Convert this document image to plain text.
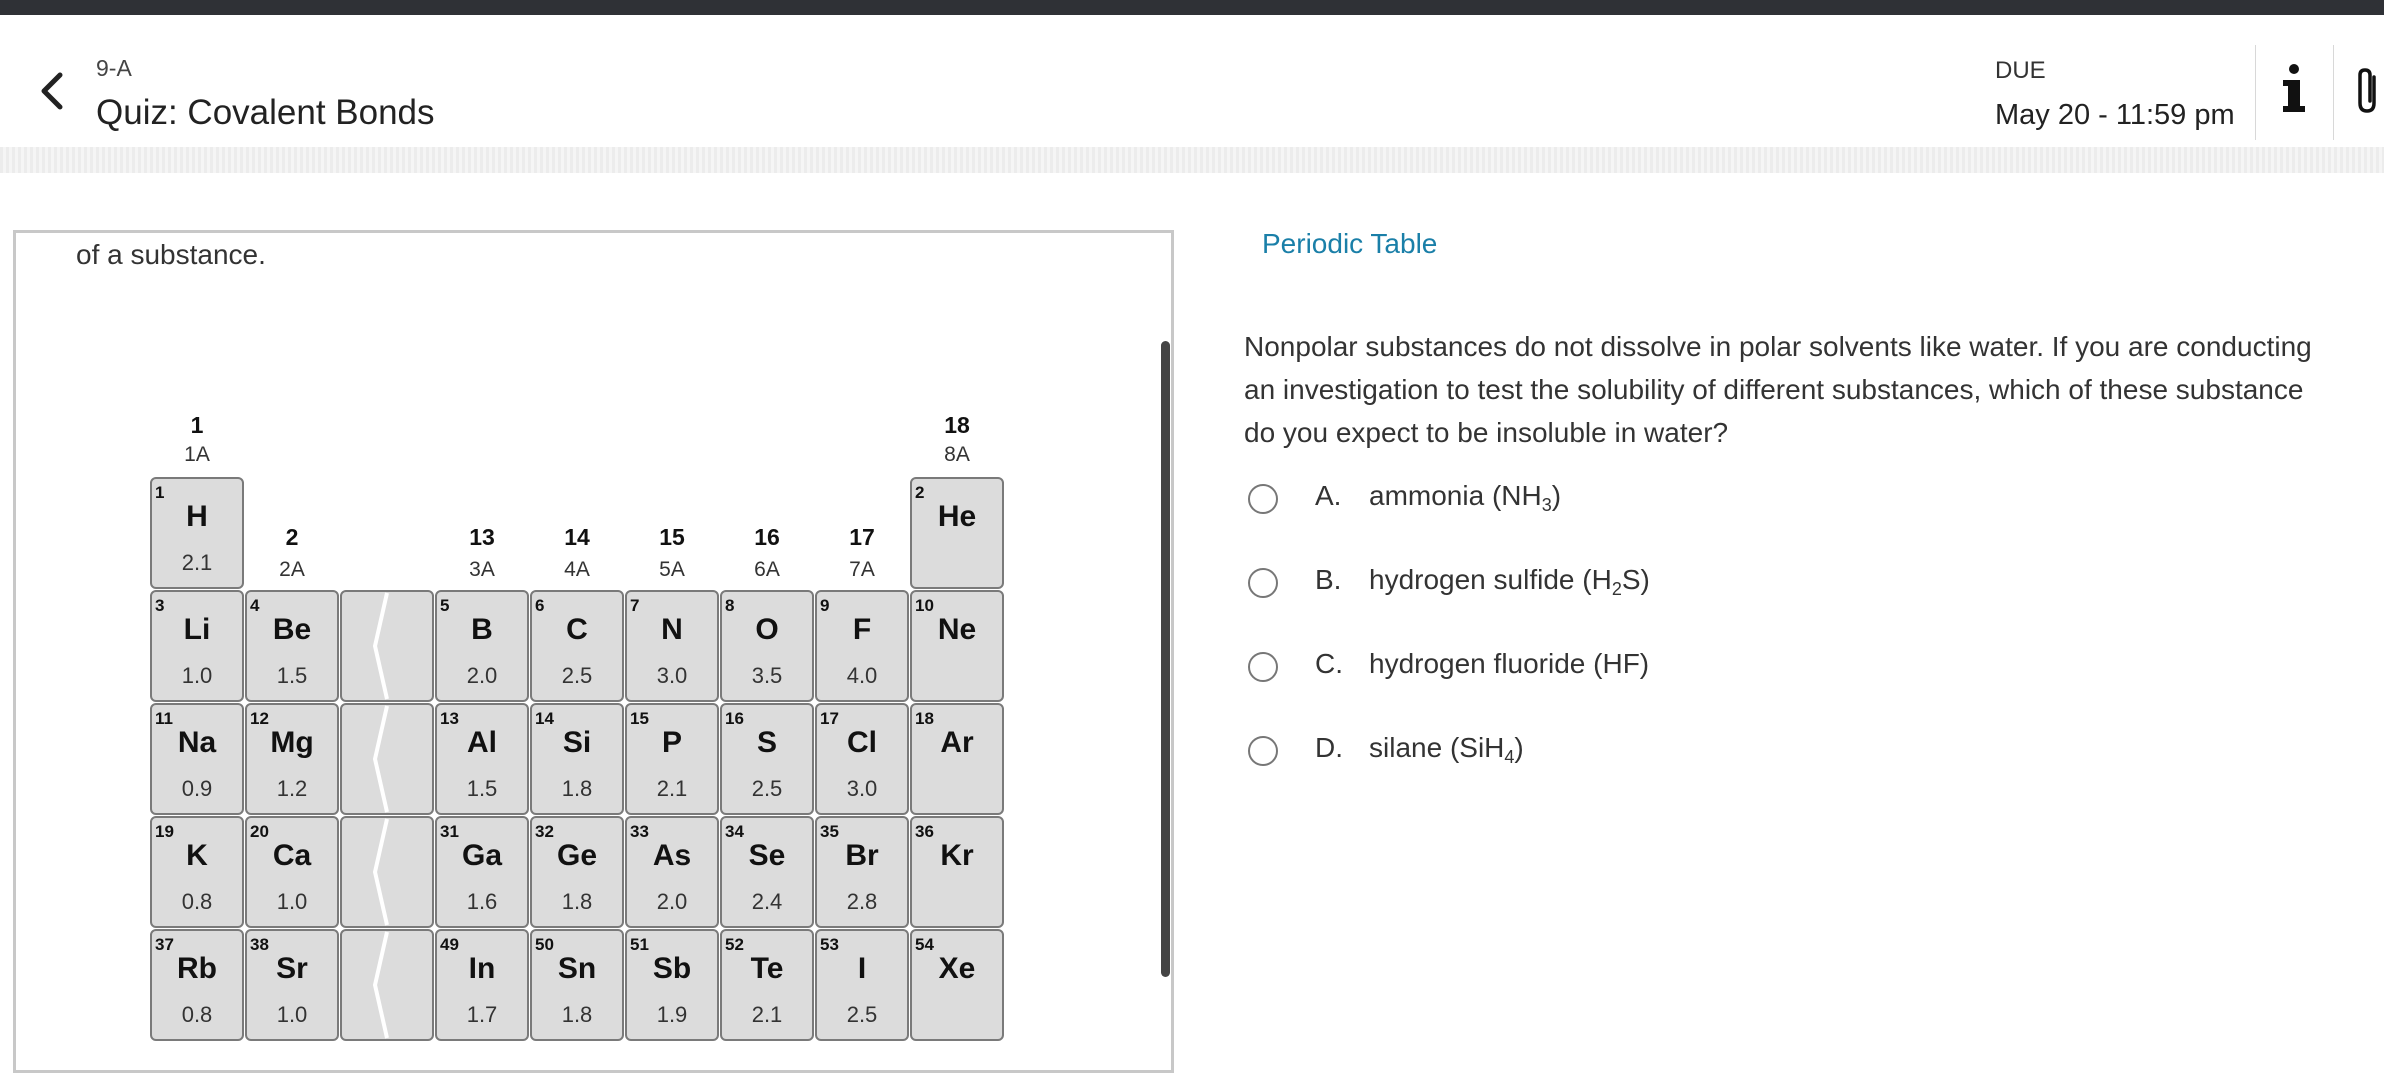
9-A
Quiz: Covalent Bonds
DUE
May 20 - 11:59 pm
of a substance.
1
H
2.1
2
He
3
Li
1.0
4
Be
1.5
5
B
2.0
6
C
2.5
7
N
3.0
8
O
3.5
9
F
4.0
10
Ne
11
Na
0.9
12
Mg
1.2
13
Al
1.5
14
Si
1.8
15
P
2.1
16
S
2.5
17
Cl
3.0
18
Ar
19
K
0.8
20
Ca
1.0
31
Ga
1.6
32
Ge
1.8
33
As
2.0
34
Se
2.4
35
Br
2.8
36
Kr
37
Rb
0.8
38
Sr
1.0
49
In
1.7
50
Sn
1.8
51
Sb
1.9
52
Te
2.1
53
I
2.5
54
Xe
1
1A
2
2A
13
3A
14
4A
15
5A
16
6A
17
7A
18
8A
Periodic Table
Nonpolar substances do not dissolve in polar solvents like water. If you are conducting
an investigation to test the solubility of different substances, which of these substance
do you expect to be insoluble in water?
A. ammonia $(NH_3)$
B. hydrogen sulfide $(H_2S)$
C. hydrogen fluoride (HF)
D. silane (SiH$_4$)
